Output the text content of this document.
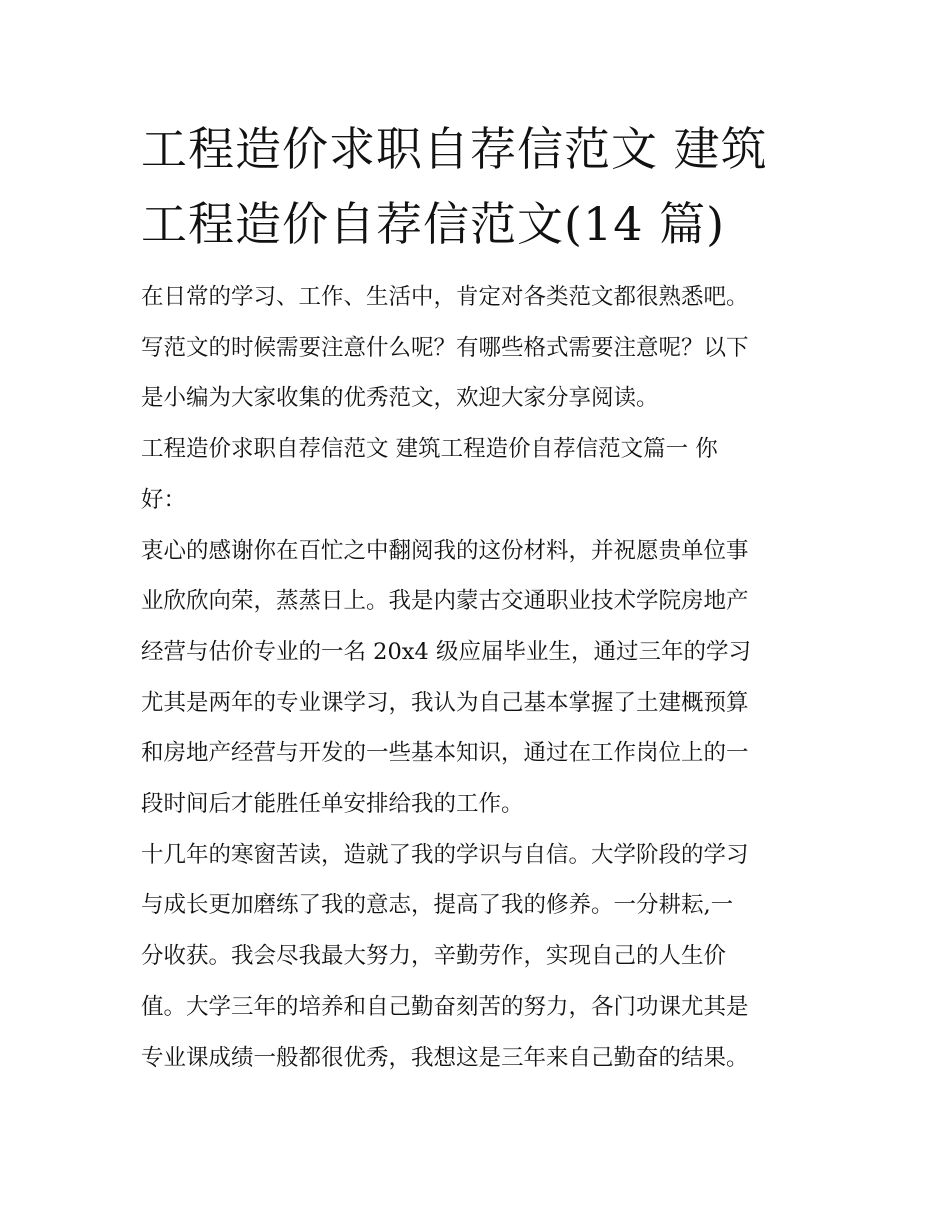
工程造价求职自荐信范文 建筑
工程造价自荐信范文(14 篇)

在日常的学习、工作、生活中，肯定对各类范文都很熟悉吧。
写范文的时候需要注意什么呢？有哪些格式需要注意呢？以下
是小编为大家收集的优秀范文，欢迎大家分享阅读。

工程造价求职自荐信范文 建筑工程造价自荐信范文篇一 你
好：

衷心的感谢你在百忙之中翻阅我的这份材料，并祝愿贵单位事
业欣欣向荣，蒸蒸日上。我是内蒙古交通职业技术学院房地产
经营与估价专业的一名 20x4 级应届毕业生，通过三年的学习
尤其是两年的专业课学习，我认为自己基本掌握了土建概预算
和房地产经营与开发的一些基本知识，通过在工作岗位上的一
段时间后才能胜任单安排给我的工作。

十几年的寒窗苦读，造就了我的学识与自信。大学阶段的学习
与成长更加磨练了我的意志，提高了我的修养。一分耕耘,一
分收获。我会尽我最大努力，辛勤劳作，实现自己的人生价
值。大学三年的培养和自己勤奋刻苦的努力，各门功课尤其是
专业课成绩一般都很优秀，我想这是三年来自己勤奋的结果。
